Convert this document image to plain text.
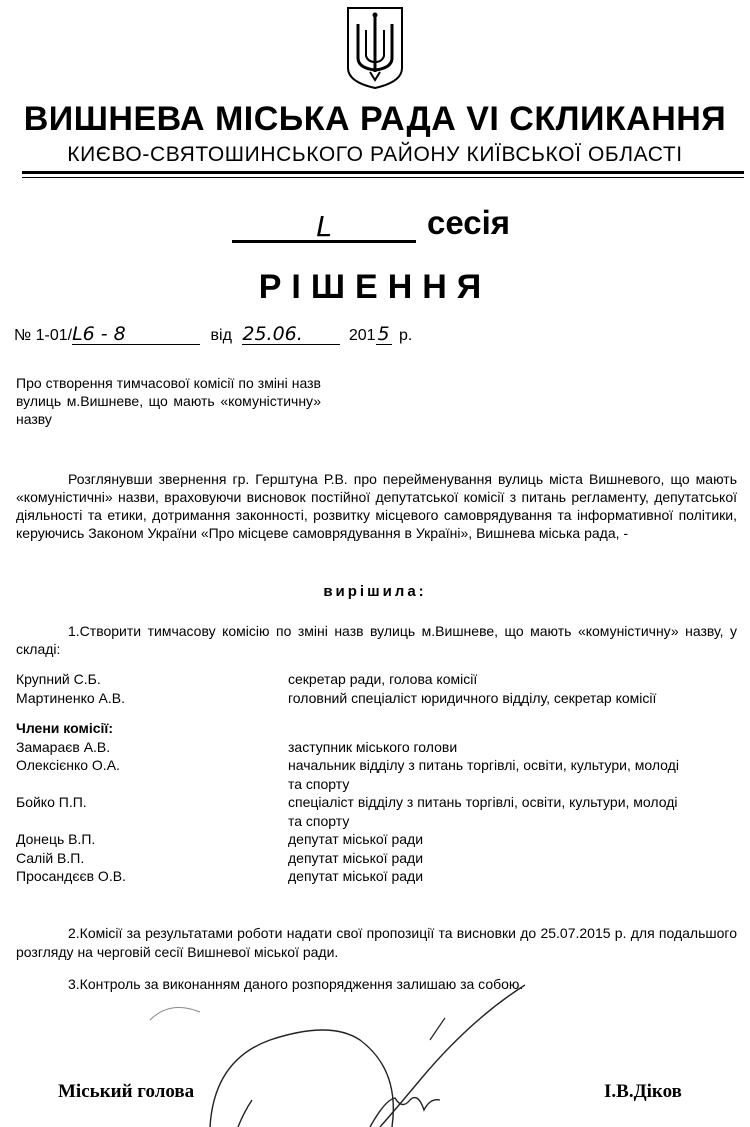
ВИШНЕВА МІСЬКА РАДА VI СКЛИКАННЯ
КИЄВО-СВЯТОШИНСЬКОГО РАЙОНУ КИЇВСЬКОЇ ОБЛАСТІ
L	сесія
РІШЕННЯ
№ 1-01/L6 - 8	від 25.06.	201 5 р.
Про створення тимчасової комісії по зміні назв вулиць м.Вишневе, що мають «комуністичну» назву
Розглянувши звернення гр. Герштуна Р.В. про перейменування вулиць міста Вишневого, що мають «комуністичні» назви, враховуючи висновок постійної депутатської комісії з питань регламенту, депутатської діяльності та етики, дотримання законності, розвитку місцевого самоврядування та інформативної політики, керуючись Законом України «Про місцеве самоврядування в Україні», Вишнева міська рада, -
вирішила:
1.Створити тимчасову комісію по зміні назв вулиць м.Вишневе, що мають «комуністичну» назву, у складі:
Крупний С.Б.	секретар ради, голова комісії
Мартиненко А.В.	головний спеціаліст юридичного відділу, секретар комісії
Члени комісії:
Замараєв А.В.	заступник міського голови
Олексієнко О.А.	начальник відділу з питань торгівлі, освіти, культури, молоді та спорту
Бойко П.П.	спеціаліст відділу з питань торгівлі, освіти, культури, молоді та спорту
Донець В.П.	депутат міської ради
Салій В.П.	депутат міської ради
Просандєєв О.В.	депутат міської ради
2.Комісії за результатами роботи надати свої пропозиції та висновки до 25.07.2015 р. для подальшого розгляду на черговій сесії Вишневої міської ради.
3.Контроль за виконанням даного розпорядження залишаю за собою.
Міський голова	І.В.Діков
